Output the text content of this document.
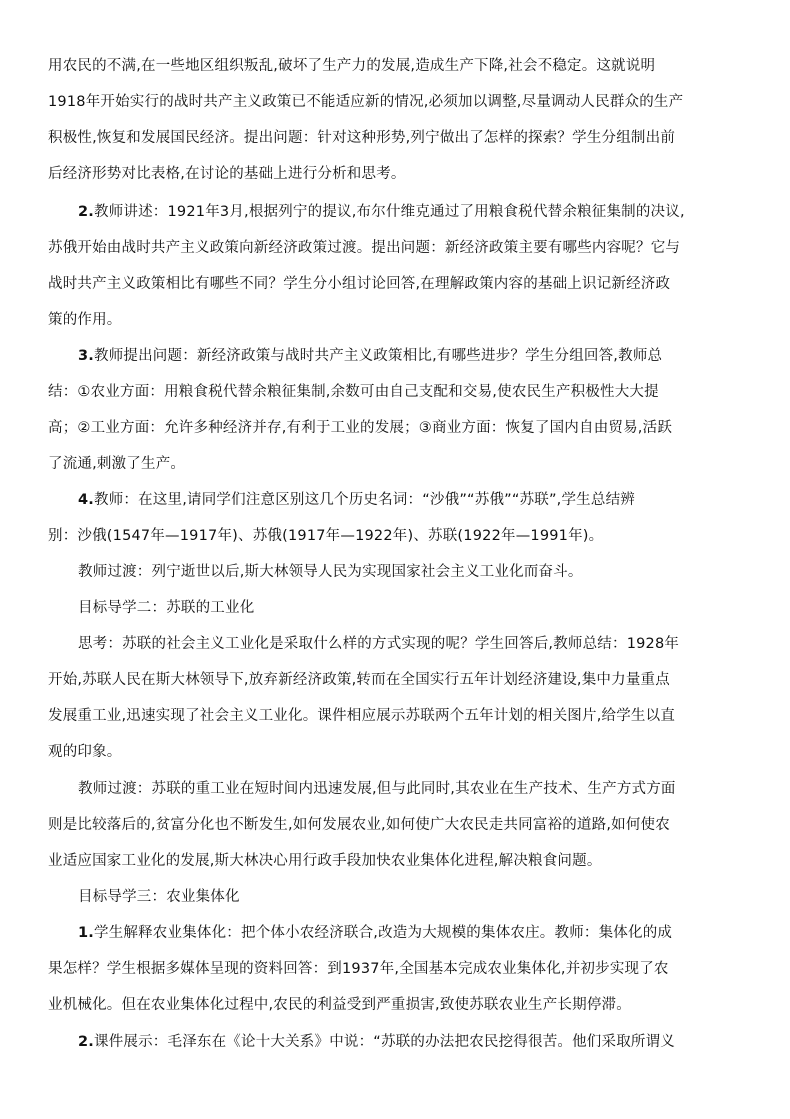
用农民的不满,在一些地区组织叛乱,破坏了生产力的发展,造成生产下降,社会不稳定。这就说明
1918年开始实行的战时共产主义政策已不能适应新的情况,必须加以调整,尽量调动人民群众的生产
积极性,恢复和发展国民经济。提出问题：针对这种形势,列宁做出了怎样的探索？学生分组制出前
后经济形势对比表格,在讨论的基础上进行分析和思考。
2.教师讲述：1921年3月,根据列宁的提议,布尔什维克通过了用粮食税代替余粮征集制的决议,
苏俄开始由战时共产主义政策向新经济政策过渡。提出问题：新经济政策主要有哪些内容呢？它与
战时共产主义政策相比有哪些不同？学生分小组讨论回答,在理解政策内容的基础上识记新经济政
策的作用。
3.教师提出问题：新经济政策与战时共产主义政策相比,有哪些进步？学生分组回答,教师总
结：①农业方面：用粮食税代替余粮征集制,余数可由自己支配和交易,使农民生产积极性大大提
高；②工业方面：允许多种经济并存,有利于工业的发展；③商业方面：恢复了国内自由贸易,活跃
了流通,刺激了生产。
4.教师：在这里,请同学们注意区别这几个历史名词：“沙俄”“苏俄”“苏联”,学生总结辨
别：沙俄(1547年—1917年)、苏俄(1917年—1922年)、苏联(1922年—1991年)。
教师过渡：列宁逝世以后,斯大林领导人民为实现国家社会主义工业化而奋斗。
目标导学二：苏联的工业化
思考：苏联的社会主义工业化是采取什么样的方式实现的呢？学生回答后,教师总结：1928年
开始,苏联人民在斯大林领导下,放弃新经济政策,转而在全国实行五年计划经济建设,集中力量重点
发展重工业,迅速实现了社会主义工业化。课件相应展示苏联两个五年计划的相关图片,给学生以直
观的印象。
教师过渡：苏联的重工业在短时间内迅速发展,但与此同时,其农业在生产技术、生产方式方面
则是比较落后的,贫富分化也不断发生,如何发展农业,如何使广大农民走共同富裕的道路,如何使农
业适应国家工业化的发展,斯大林决心用行政手段加快农业集体化进程,解决粮食问题。
目标导学三：农业集体化
1.学生解释农业集体化：把个体小农经济联合,改造为大规模的集体农庄。教师：集体化的成
果怎样？学生根据多媒体呈现的资料回答：到1937年,全国基本完成农业集体化,并初步实现了农
业机械化。但在农业集体化过程中,农民的利益受到严重损害,致使苏联农业生产长期停滞。
2.课件展示：毛泽东在《论十大关系》中说：“苏联的办法把农民挖得很苦。他们采取所谓义
